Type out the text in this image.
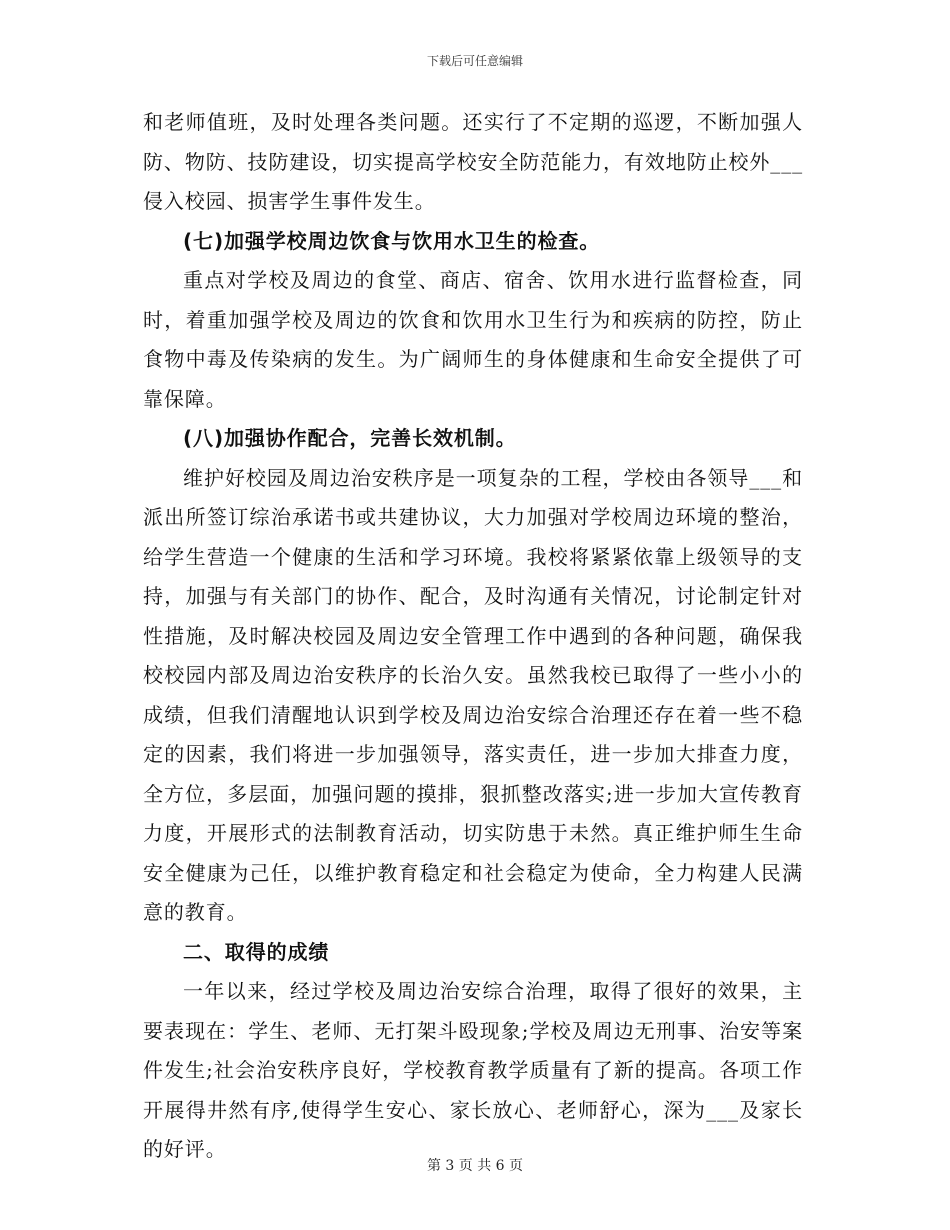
下载后可任意编辑

和老师值班，及时处理各类问题。还实行了不定期的巡逻，不断加强人防、物防、技防建设，切实提高学校安全防范能力，有效地防止校外___侵入校园、损害学生事件发生。

(七)加强学校周边饮食与饮用水卫生的检查。

重点对学校及周边的食堂、商店、宿舍、饮用水进行监督检查，同时，着重加强学校及周边的饮食和饮用水卫生行为和疾病的防控，防止食物中毒及传染病的发生。为广阔师生的身体健康和生命安全提供了可靠保障。

(八)加强协作配合，完善长效机制。

维护好校园及周边治安秩序是一项复杂的工程，学校由各领导___和派出所签订综治承诺书或共建协议，大力加强对学校周边环境的整治，给学生营造一个健康的生活和学习环境。我校将紧紧依靠上级领导的支持，加强与有关部门的协作、配合，及时沟通有关情况，讨论制定针对性措施，及时解决校园及周边安全管理工作中遇到的各种问题，确保我校校园内部及周边治安秩序的长治久安。虽然我校已取得了一些小小的成绩，但我们清醒地认识到学校及周边治安综合治理还存在着一些不稳定的因素，我们将进一步加强领导，落实责任，进一步加大排查力度，全方位，多层面，加强问题的摸排，狠抓整改落实;进一步加大宣传教育力度，开展形式的法制教育活动，切实防患于未然。真正维护师生生命安全健康为己任，以维护教育稳定和社会稳定为使命，全力构建人民满意的教育。

二、取得的成绩

一年以来，经过学校及周边治安综合治理，取得了很好的效果，主要表现在：学生、老师、无打架斗殴现象;学校及周边无刑事、治安等案件发生;社会治安秩序良好，学校教育教学质量有了新的提高。各项工作开展得井然有序,使得学生安心、家长放心、老师舒心，深为___及家长的好评。

第 3 页 共 6 页
